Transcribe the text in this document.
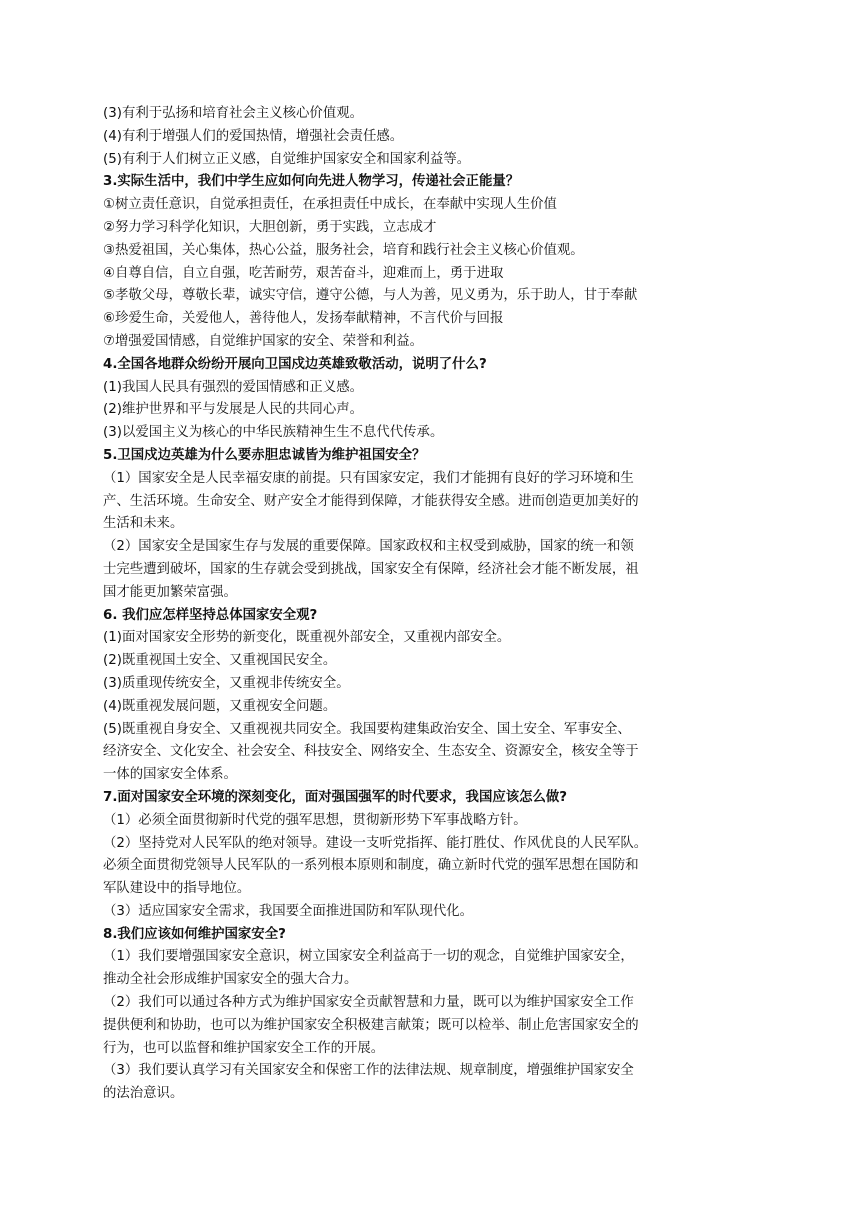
(3)有利于弘扬和培育社会主义核心价值观。
(4)有利于增强人们的爱国热情，增强社会责任感。
(5)有利于人们树立正义感，自觉维护国家安全和国家利益等。
3.实际生活中，我们中学生应如何向先进人物学习，传递社会正能量？
①树立责任意识，自觉承担责任，在承担责任中成长，在奉献中实现人生价值
②努力学习科学化知识，大胆创新，勇于实践，立志成才
③热爱祖国，关心集体，热心公益，服务社会，培育和践行社会主义核心价值观。
④自尊自信，自立自强，吃苦耐劳，艰苦奋斗，迎难而上，勇于进取
⑤孝敬父母，尊敬长辈，诚实守信，遵守公德，与人为善，见义勇为，乐于助人，甘于奉献
⑥珍爱生命，关爱他人，善待他人，发扬奉献精神，不言代价与回报
⑦增强爱国情感，自觉维护国家的安全、荣誉和利益。
4.全国各地群众纷纷开展向卫国戍边英雄致敬活动，说明了什么?
(1)我国人民具有强烈的爱国情感和正义感。
(2)维护世界和平与发展是人民的共同心声。
(3)以爱国主义为核心的中华民族精神生生不息代代传承。
5.卫国戍边英雄为什么要赤胆忠诚皆为维护祖国安全？
（1）国家安全是人民幸福安康的前提。只有国家安定，我们才能拥有良好的学习环境和生
产、生活环境。生命安全、财产安全才能得到保障，才能获得安全感。进而创造更加美好的
生活和未来。
（2）国家安全是国家生存与发展的重要保障。国家政权和主权受到威胁，国家的统一和领
士完些遭到破坏，国家的生存就会受到挑战，国家安全有保障，经济社会才能不断发展，祖
国才能更加繁荣富强。
6. 我们应怎样坚持总体国家安全观?
(1)面对国家安全形势的新变化，既重视外部安全，又重视内部安全。
(2)既重视国土安全、又重视国民安全。
(3)质重现传统安全，又重视非传统安全。
(4)既重视发展问题，又重视安全问题。
(5)既重视自身安全、又重视视共同安全。我国要构建集政治安全、国土安全、军事安全、
经济安全、文化安全、社会安全、科技安全、网络安全、生态安全、资源安全，核安全等于
一体的国家安全体系。
7.面对国家安全环境的深刻变化，面对强国强军的时代要求，我国应该怎么做?
（1）必须全面贯彻新时代党的强军思想，贯彻新形势下军事战略方针。
（2）坚持党对人民军队的绝对领导。建设一支听党指挥、能打胜仗、作风优良的人民军队。
必须全面贯彻党领导人民军队的一系列根本原则和制度，确立新时代党的强军思想在国防和
军队建设中的指导地位。
（3）适应国家安全需求，我国要全面推进国防和军队现代化。
8.我们应该如何维护国家安全?
（1）我们要增强国家安全意识，树立国家安全利益高于一切的观念，自觉维护国家安全，
推动全社会形成维护国家安全的强大合力。
（2）我们可以通过各种方式为维护国家安全贡献智慧和力量，既可以为维护国家安全工作
提供便利和协助，也可以为维护国家安全积极建言献策；既可以检举、制止危害国家安全的
行为，也可以监督和维护国家安全工作的开展。
（3）我们要认真学习有关国家安全和保密工作的法律法规、规章制度，增强维护国家安全
的法治意识。
